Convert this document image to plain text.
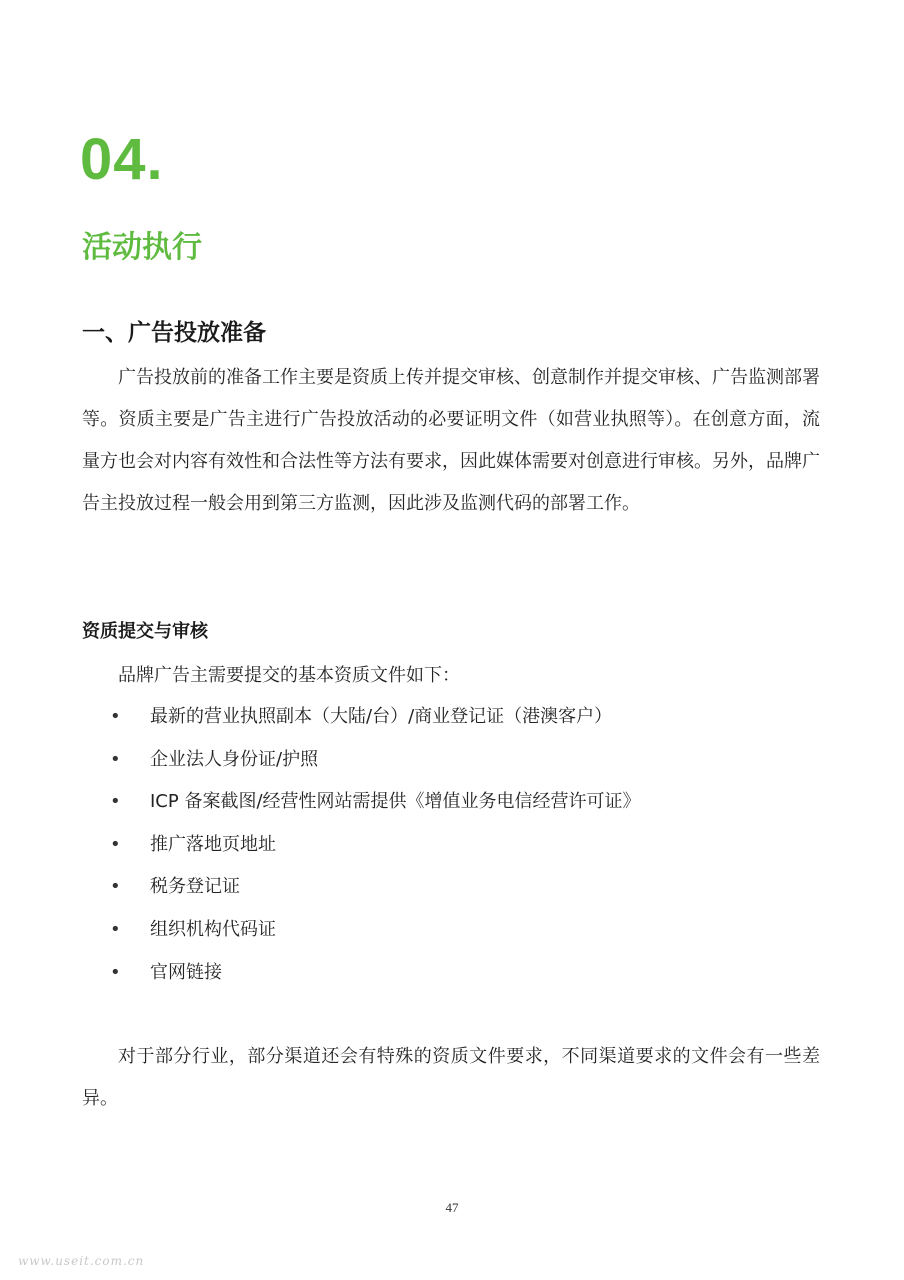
04.
活动执行
一、广告投放准备

广告投放前的准备工作主要是资质上传并提交审核、创意制作并提交审核、广告监测部署等。资质主要是广告主进行广告投放活动的必要证明文件（如营业执照等）。在创意方面，流量方也会对内容有效性和合法性等方法有要求，因此媒体需要对创意进行审核。另外，品牌广告主投放过程一般会用到第三方监测，因此涉及监测代码的部署工作。

资质提交与审核

品牌广告主需要提交的基本资质文件如下：

•	最新的营业执照副本（大陆/台）/商业登记证（港澳客户）
•	企业法人身份证/护照
•	ICP 备案截图/经营性网站需提供《增值业务电信经营许可证》
•	推广落地页地址
•	税务登记证
•	组织机构代码证
•	官网链接

对于部分行业，部分渠道还会有特殊的资质文件要求，不同渠道要求的文件会有一些差异。

47
www.useit.com.cn
